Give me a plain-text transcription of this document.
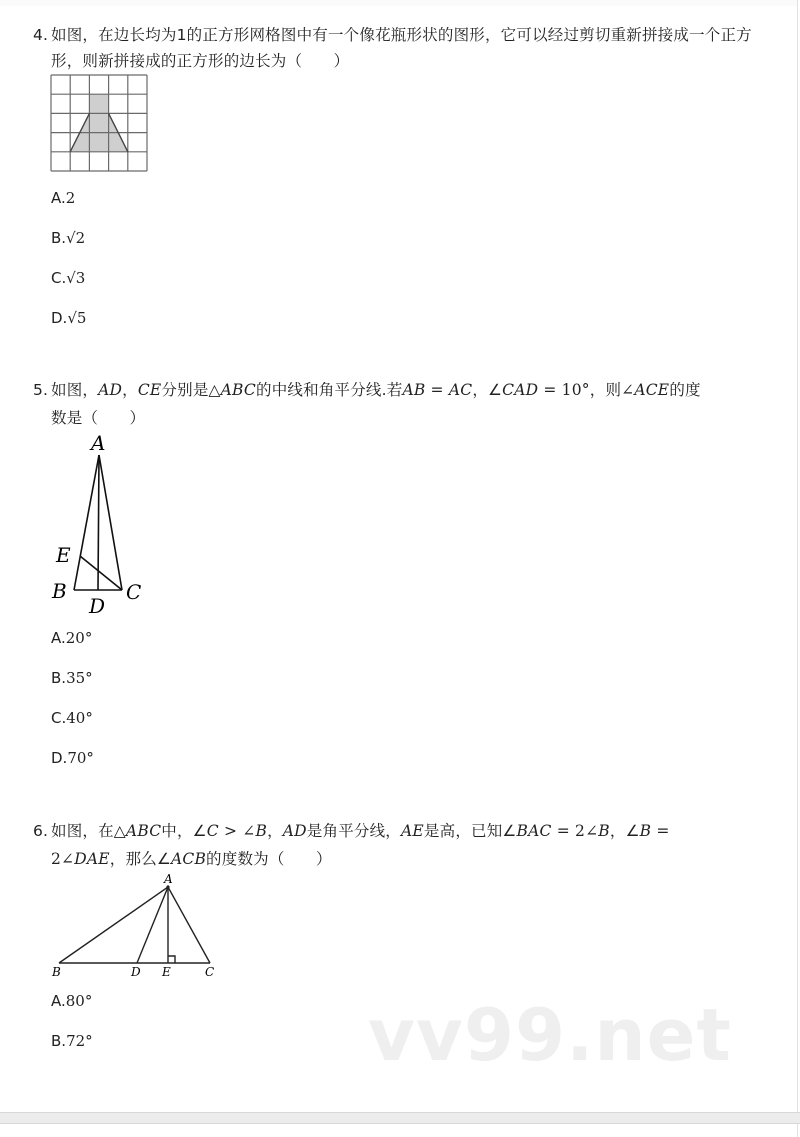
4. 如图，在边长均为1的正方形网格图中有一个像花瓶形状的图形，它可以经过剪切重新拼接成一个正方
形，则新拼接成的正方形的边长为（　　）
A.2
B.√2
C.√3
D.√5
5. 如图，AD，CE分别是△ABC的中线和角平分线.若AB = AC，∠CAD = 10°，则∠ACE的度
数是（　　）
A
E
B	C
D
A.20°
B.35°
C.40°
D.70°
6. 如图，在△ABC中，∠C > ∠B，AD是角平分线，AE是高，已知∠BAC = 2∠B，∠B =
2∠DAE，那么∠ACB的度数为（　　）
A
B	D E	C
A.80°
B.72°	vv99.net
